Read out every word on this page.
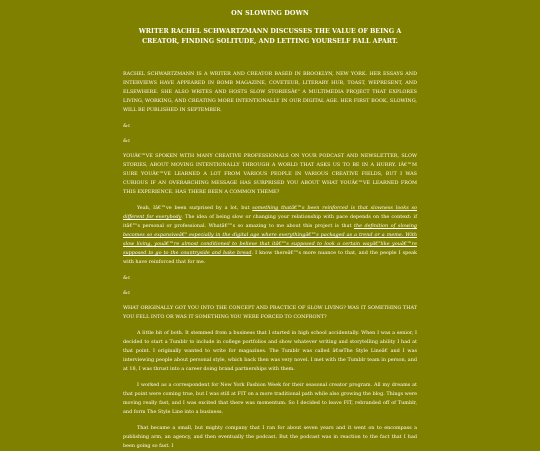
ON SLOWING DOWN
WRITER RACHEL SCHWARTZMANN DISCUSSES THE VALUE OF BEING A CREATOR, FINDING SOLITUDE, AND LETTING YOURSELF FALL APART.
RACHEL SCHWARTZMANN IS A WRITER AND CREATOR BASED IN BROOKLYN, NEW YORK. HER ESSAYS AND INTERVIEWS HAVE APPEARED IN BOMB MAGAZINE, COVETEUR, LITERARY HUB, TOAST, WEPRESENT, AND ELSEWHERE. SHE ALSO WRITES AND HOSTS SLOW STORIESÂ€" A MULTIMEDIA PROJECT THAT EXPLORES LIVING, WORKING, AND CREATING MORE INTENTIONALLY IN OUR DIGITAL AGE. HER FIRST BOOK, SLOWING, WILL BE PUBLISHED IN SEPTEMBER.
&c
&c
YOUÂ€™VE SPOKEN WITH MANY CREATIVE PROFESSIONALS ON YOUR PODCAST AND NEWSLETTER, SLOW STORIES, ABOUT MOVING INTENTIONALLY THROUGH A WORLD THAT ASKS US TO BE IN A HURRY. IÂ€™M SURE YOUÂ€™VE LEARNED A LOT FROM VARIOUS PEOPLE IN VARIOUS CREATIVE FIELDS, BUT I WAS CURIOUS IF AN OVERARCHING MESSAGE HAS SURPRISED YOU ABOUT WHAT YOUÂ€™VE LEARNED FROM THIS EXPERIENCE. HAS THERE BEEN A COMMON THEME?
Yeah, Iâ€™ve been surprised by a lot, but something thatâ€™s been reinforced is that slowness looks so different for everybody. The idea of being slow or changing your relationship with pace depends on the context: if itâ€™s personal or professional. Whatâ€™s so amazing to me about this project is that the definition of slowing becomes so expansiveâ€" especially in the digital age where everythingâ€™s packaged as a trend or a meme. With slow living, youâ€™re almost conditioned to believe that itâ€™s supposed to look a certain wayâ€"like youâ€™re supposed to go to the countryside and bake bread. I know thereâ€™s more nuance to that, and the people I speak with have reinforced that for me.
&c
&c
WHAT ORIGINALLY GOT YOU INTO THE CONCEPT AND PRACTICE OF SLOW LIVING? WAS IT SOMETHING THAT YOU FELL INTO OR WAS IT SOMETHING YOU WERE FORCED TO CONFRONT?
A little bit of both. It stemmed from a business that I started in high school accidentally. When I was a senior, I decided to start a Tumblr to include in college portfolios and show whatever writing and storytelling ability I had at that point. I originally wanted to write for magazines. The Tumblr was called â€œThe Style Lineâ€ and I was interviewing people about personal style, which back then was very novel. I met with the Tumblr team in person, and at 18, I was thrust into a career doing brand partnerships with them.
I worked as a correspondent for New York Fashion Week for their seasonal creator program. All my dreams at that point were coming true, but I was still at FIT on a more traditional path while also growing the blog. Things were moving really fast, and I was excited that there was momentum. So I decided to leave FIT, rebranded off of Tumblr, and form The Style Line into a business.
That became a small, but mighty company that I ran for about seven years and it went on to encompass a publishing arm, an agency, and then eventually the podcast. But the podcast was in reaction to the fact that I had been going so fast. I
